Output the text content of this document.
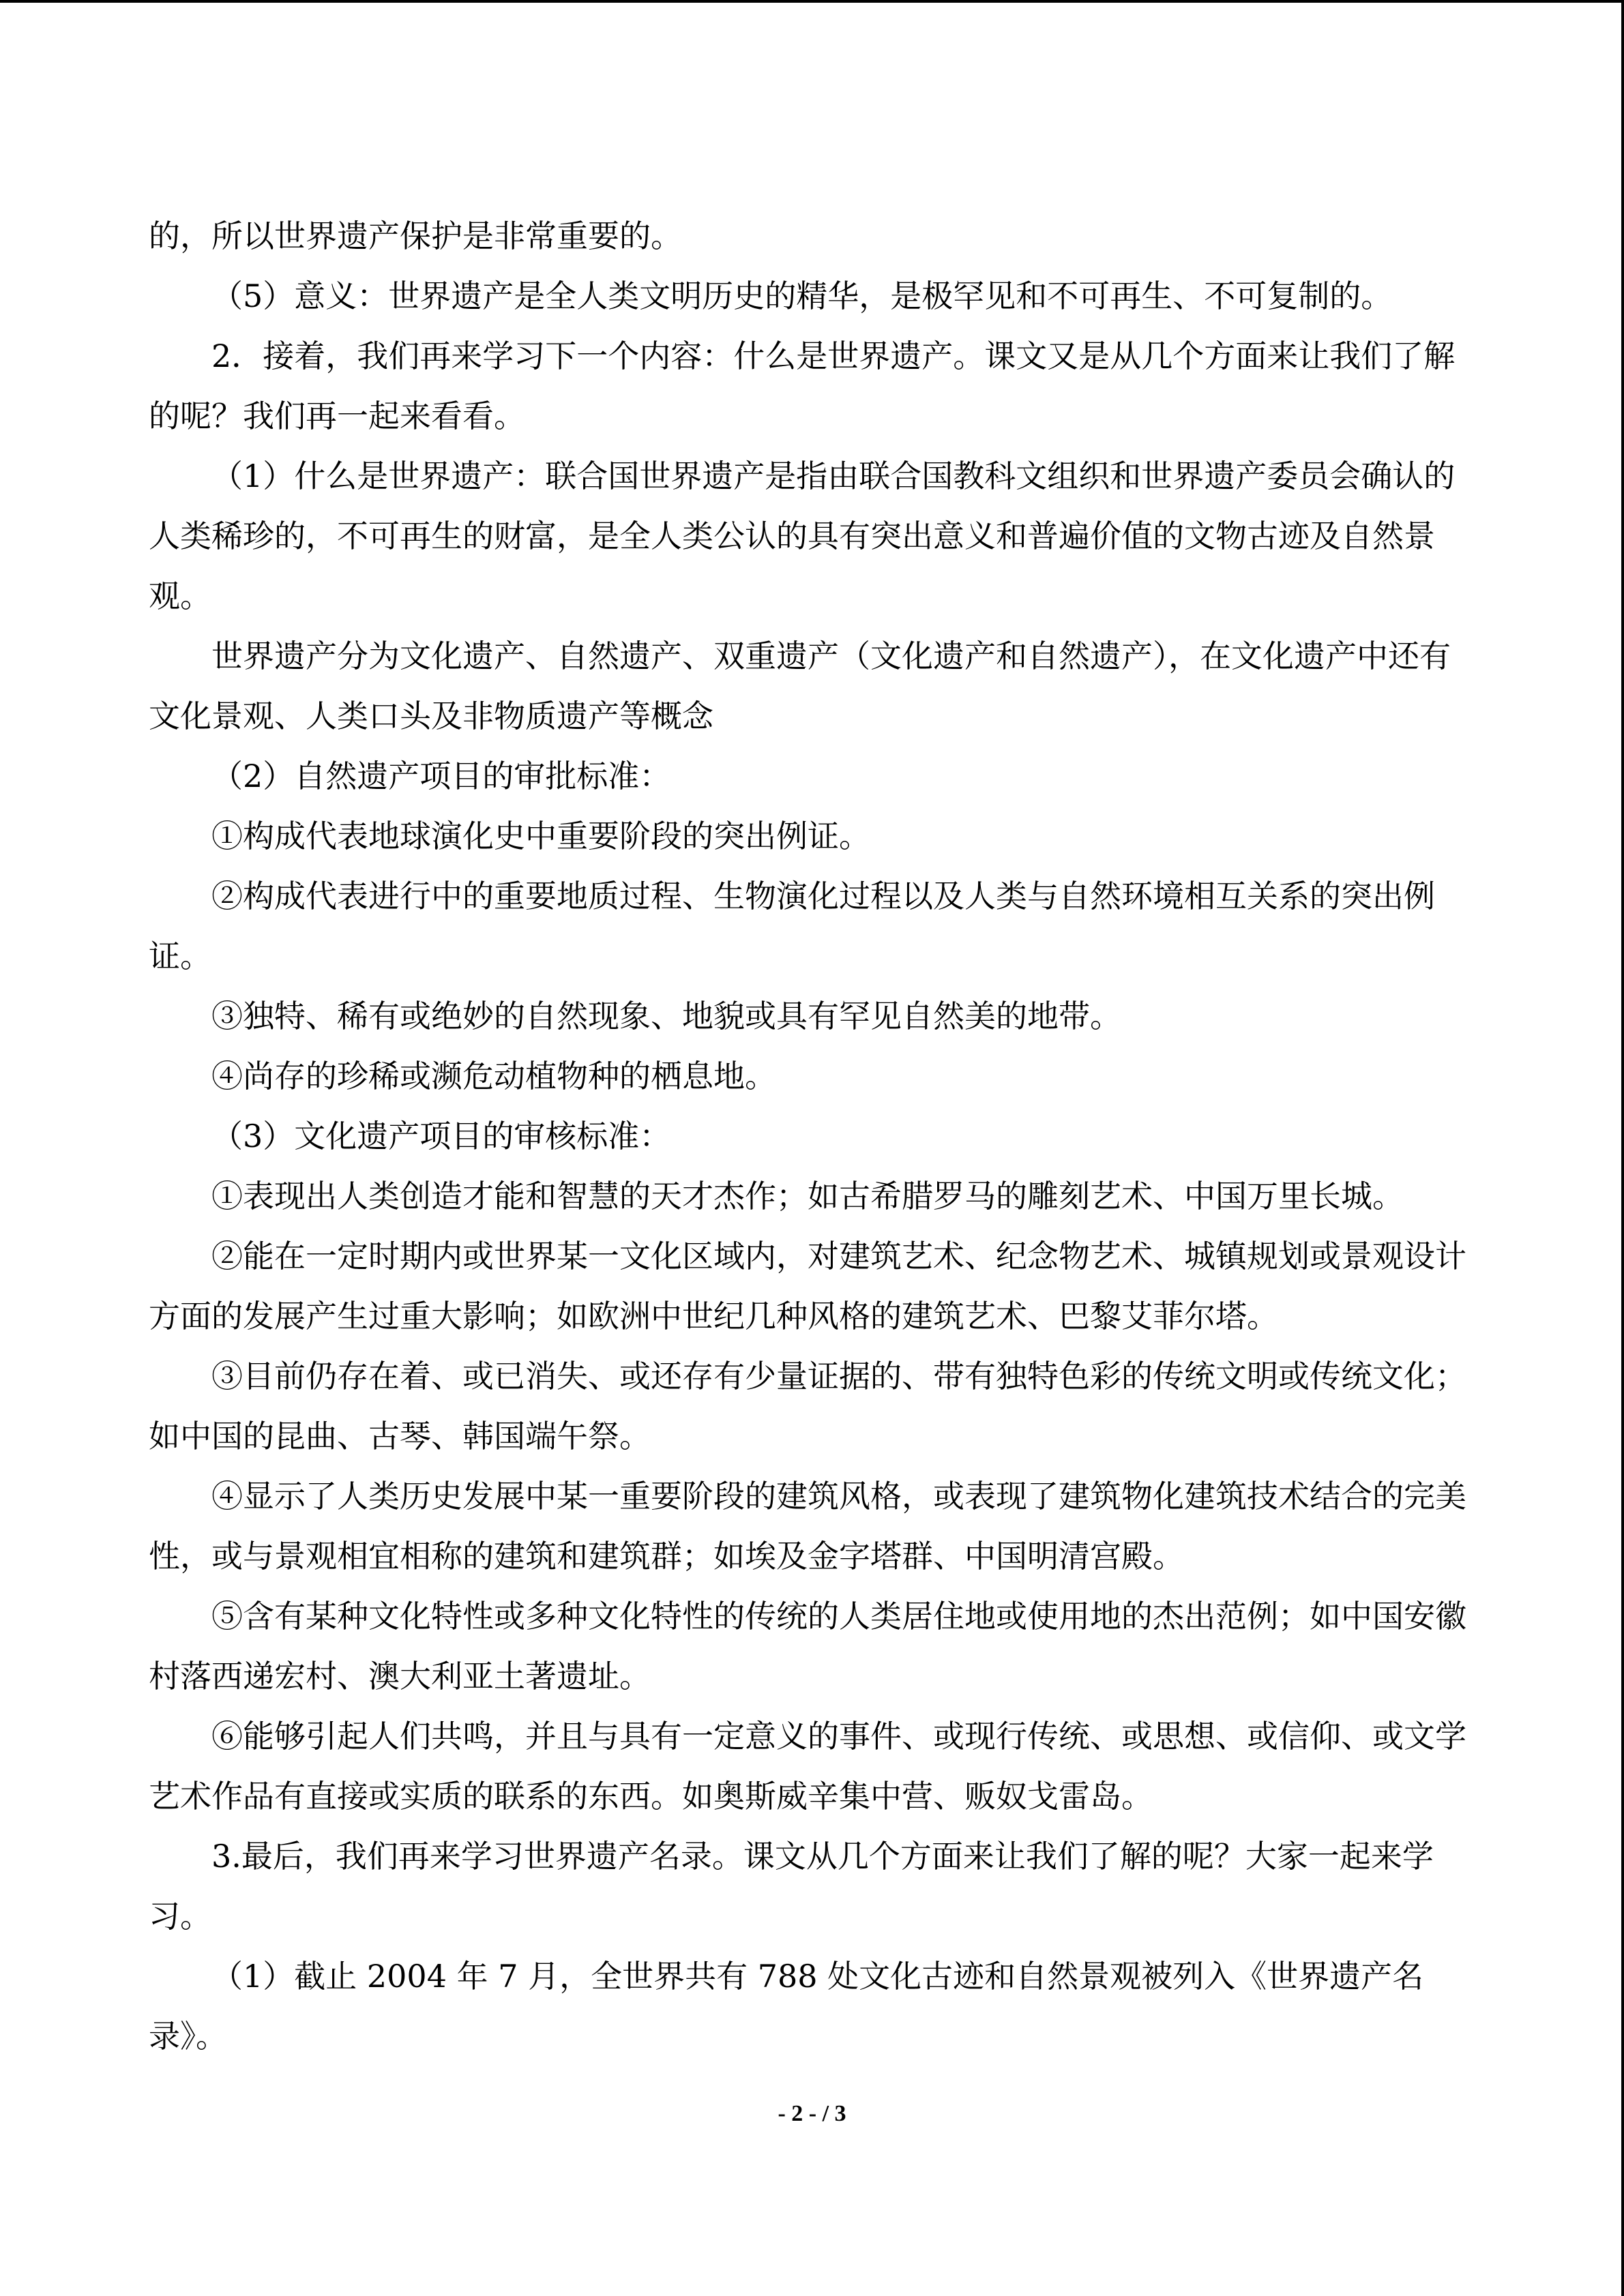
的，所以世界遗产保护是非常重要的。

（5）意义：世界遗产是全人类文明历史的精华，是极罕见和不可再生、不可复制的。

2．接着，我们再来学习下一个内容：什么是世界遗产。课文又是从几个方面来让我们了解的呢？我们再一起来看看。

（1）什么是世界遗产：联合国世界遗产是指由联合国教科文组织和世界遗产委员会确认的人类稀珍的，不可再生的财富，是全人类公认的具有突出意义和普遍价值的文物古迹及自然景观。

世界遗产分为文化遗产、自然遗产、双重遗产（文化遗产和自然遗产），在文化遗产中还有文化景观、人类口头及非物质遗产等概念

（2）自然遗产项目的审批标准：

①构成代表地球演化史中重要阶段的突出例证。

②构成代表进行中的重要地质过程、生物演化过程以及人类与自然环境相互关系的突出例证。

③独特、稀有或绝妙的自然现象、地貌或具有罕见自然美的地带。

④尚存的珍稀或濒危动植物种的栖息地。

（3）文化遗产项目的审核标准：

①表现出人类创造才能和智慧的天才杰作；如古希腊罗马的雕刻艺术、中国万里长城。

②能在一定时期内或世界某一文化区域内，对建筑艺术、纪念物艺术、城镇规划或景观设计方面的发展产生过重大影响；如欧洲中世纪几种风格的建筑艺术、巴黎艾菲尔塔。

③目前仍存在着、或已消失、或还存有少量证据的、带有独特色彩的传统文明或传统文化；如中国的昆曲、古琴、韩国端午祭。

④显示了人类历史发展中某一重要阶段的建筑风格，或表现了建筑物化建筑技术结合的完美性，或与景观相宜相称的建筑和建筑群；如埃及金字塔群、中国明清宫殿。

⑤含有某种文化特性或多种文化特性的传统的人类居住地或使用地的杰出范例；如中国安徽村落西递宏村、澳大利亚土著遗址。

⑥能够引起人们共鸣，并且与具有一定意义的事件、或现行传统、或思想、或信仰、或文学艺术作品有直接或实质的联系的东西。如奥斯威辛集中营、贩奴戈雷岛。

3.最后，我们再来学习世界遗产名录。课文从几个方面来让我们了解的呢？大家一起来学习。

（1）截止 2004 年 7 月，全世界共有 788 处文化古迹和自然景观被列入《世界遗产名录》。

- 2 - / 3
